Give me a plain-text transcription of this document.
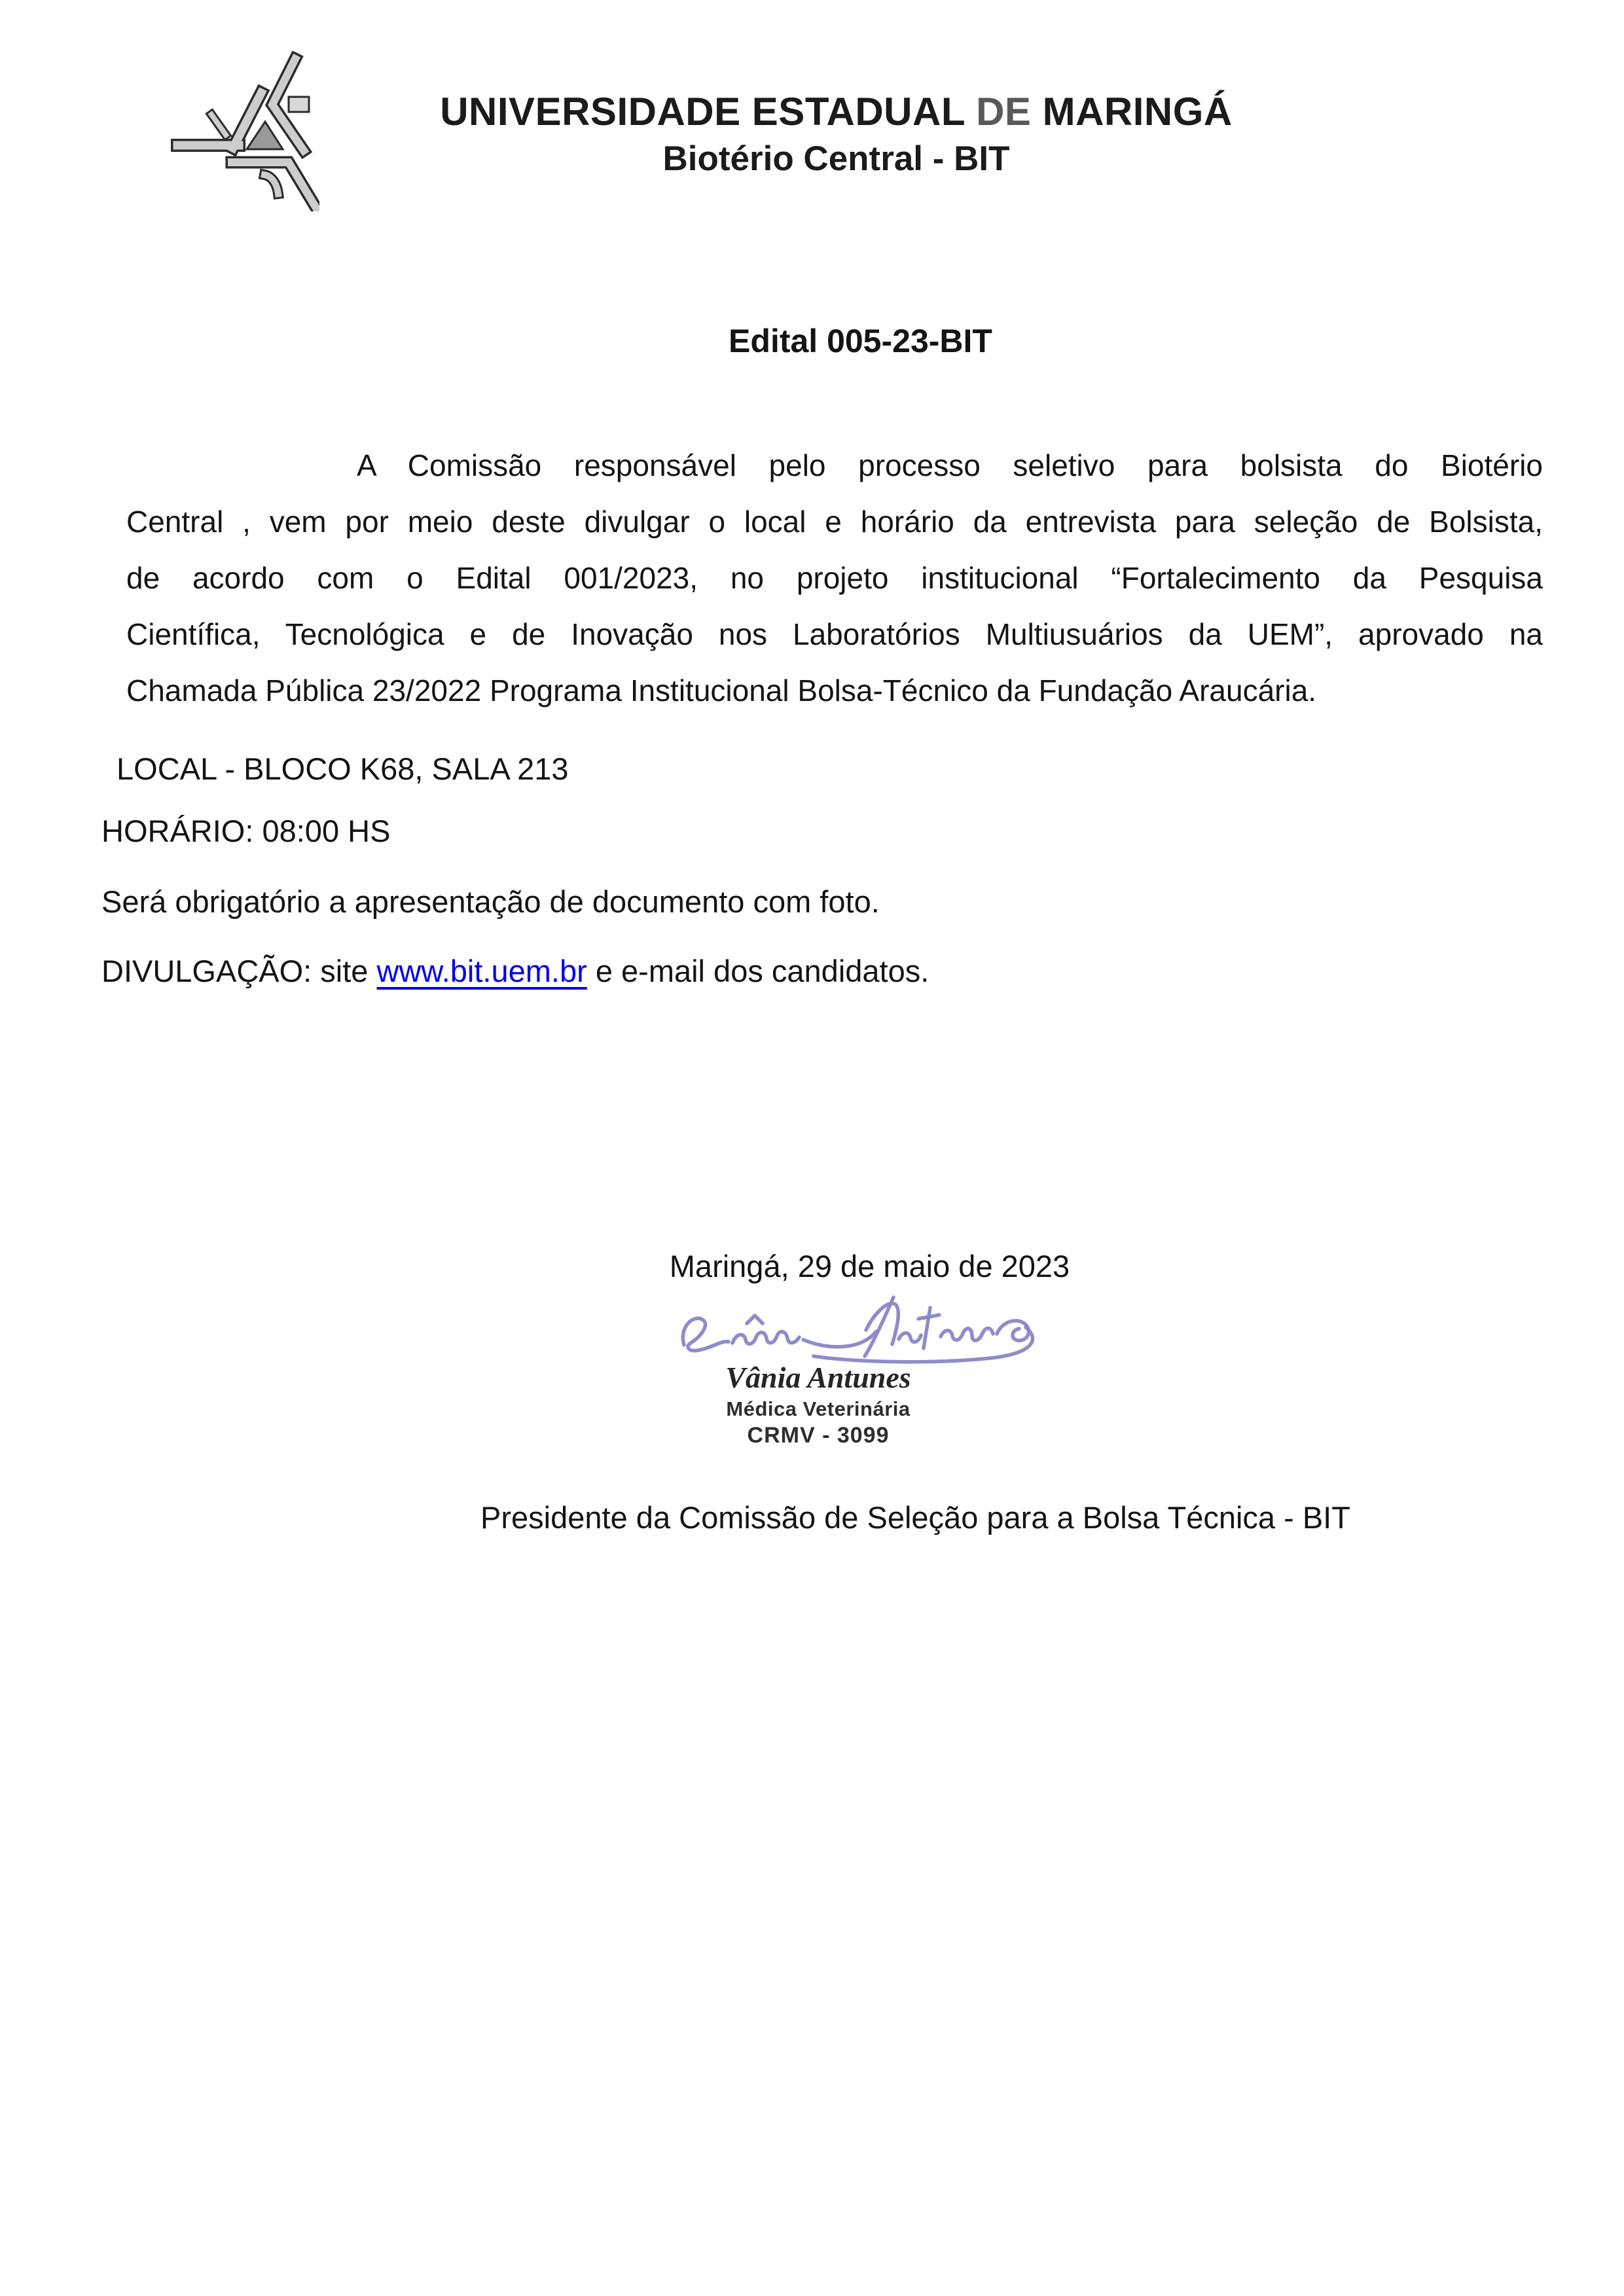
UNIVERSIDADE ESTADUAL DE MARINGÁ
Biotério Central - BIT
Edital 005-23-BIT
A Comissão responsável pelo processo seletivo para bolsista do Biotério
Central , vem por meio deste divulgar o local e horário da entrevista para seleção de Bolsista,
de acordo com o Edital 001/2023, no projeto institucional “Fortalecimento da Pesquisa
Científica, Tecnológica e de Inovação nos Laboratórios Multiusuários da UEM”, aprovado na
Chamada Pública 23/2022 Programa Institucional Bolsa-Técnico da Fundação Araucária.
LOCAL - BLOCO K68, SALA 213
HORÁRIO: 08:00 HS
Será obrigatório a apresentação de documento com foto.
DIVULGAÇÃO: site www.bit.uem.br e e-mail dos candidatos.
Maringá, 29 de maio de 2023
Vânia Antunes
Médica Veterinária
CRMV - 3099
Presidente da Comissão de Seleção para a Bolsa Técnica - BIT
